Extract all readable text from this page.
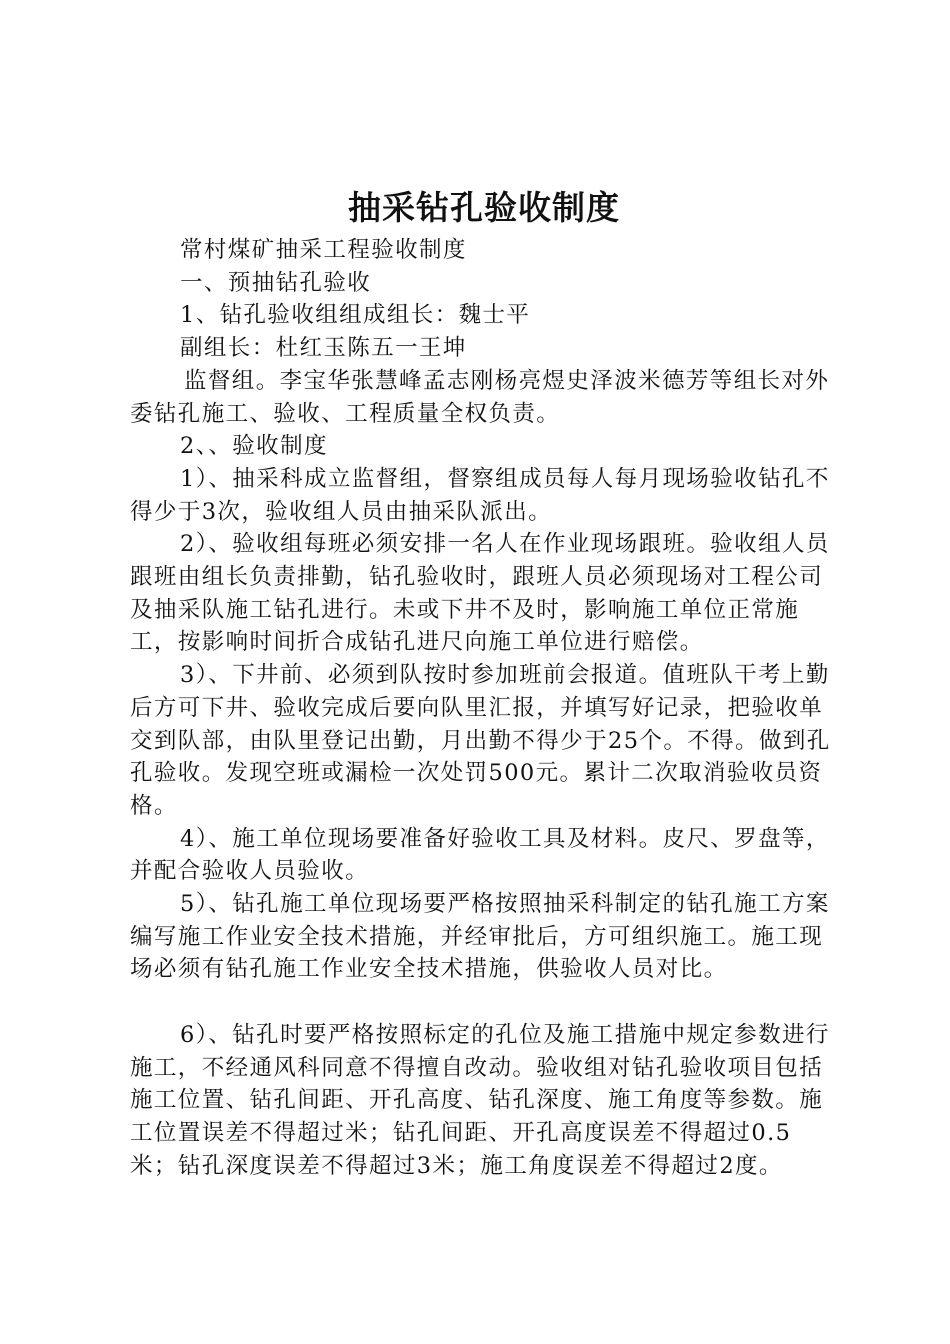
抽采钻孔验收制度

常村煤矿抽采工程验收制度

一、预抽钻孔验收

1、钻孔验收组组成组长：魏士平

副组长：杜红玉陈五一王坤

监督组。李宝华张慧峰孟志刚杨亮煜史泽波米德芳等组长对外委钻孔施工、验收、工程质量全权负责。

2、、验收制度

1）、抽采科成立监督组，督察组成员每人每月现场验收钻孔不得少于3次，验收组人员由抽采队派出。

2）、验收组每班必须安排一名人在作业现场跟班。验收组人员跟班由组长负责排勤，钻孔验收时，跟班人员必须现场对工程公司及抽采队施工钻孔进行。未或下井不及时，影响施工单位正常施工，按影响时间折合成钻孔进尺向施工单位进行赔偿。

3）、下井前、必须到队按时参加班前会报道。值班队干考上勤后方可下井、验收完成后要向队里汇报，并填写好记录，把验收单交到队部，由队里登记出勤，月出勤不得少于25个。不得。做到孔孔验收。发现空班或漏检一次处罚500元。累计二次取消验收员资格。

4）、施工单位现场要准备好验收工具及材料。皮尺、罗盘等，并配合验收人员验收。

5）、钻孔施工单位现场要严格按照抽采科制定的钻孔施工方案编写施工作业安全技术措施，并经审批后，方可组织施工。施工现场必须有钻孔施工作业安全技术措施，供验收人员对比。

6）、钻孔时要严格按照标定的孔位及施工措施中规定参数进行施工，不经通风科同意不得擅自改动。验收组对钻孔验收项目包括施工位置、钻孔间距、开孔高度、钻孔深度、施工角度等参数。施工位置误差不得超过米；钻孔间距、开孔高度误差不得超过0.5米；钻孔深度误差不得超过3米；施工角度误差不得超过2度。
